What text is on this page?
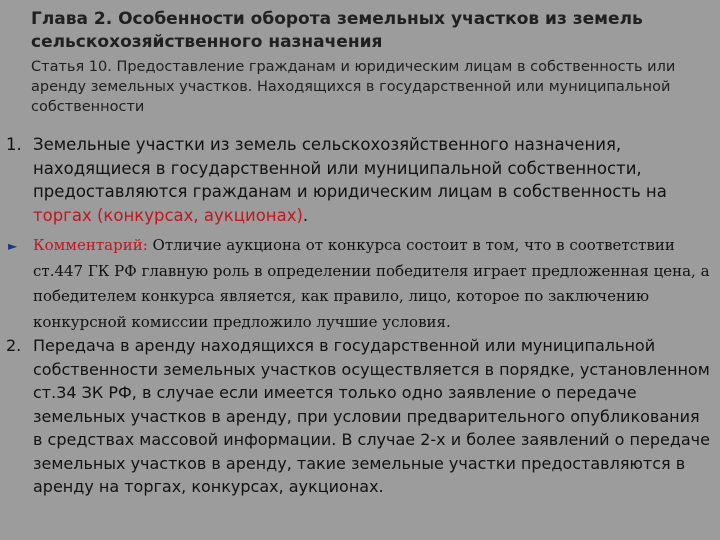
Глава 2. Особенности оборота земельных участков из земель сельскохозяйственного назначения
Статья 10. Предоставление гражданам и юридическим лицам в собственность или аренду земельных участков. Находящихся в государственной или муниципальной собственности
1. Земельные участки из земель сельскохозяйственного назначения, находящиеся в государственной или муниципальной собственности, предоставляются гражданам и юридическим лицам в собственность на торгах (конкурсах, аукционах).
►	Комментарий: Отличие аукциона от конкурса состоит в том, что в соответствии ст.447 ГК РФ главную роль в определении победителя играет предложенная цена, а победителем конкурса является, как правило, лицо, которое по заключению конкурсной комиссии предложило лучшие условия.
2. Передача в аренду находящихся в государственной или муниципальной собственности земельных участков осуществляется в порядке, установленном ст.34 ЗК РФ, в случае если имеется только одно заявление о передаче земельных участков в аренду, при условии предварительного опубликования в средствах массовой информации. В случае 2-х и более заявлений о передаче земельных участков в аренду, такие земельные участки предоставляются в аренду на торгах, конкурсах, аукционах.
